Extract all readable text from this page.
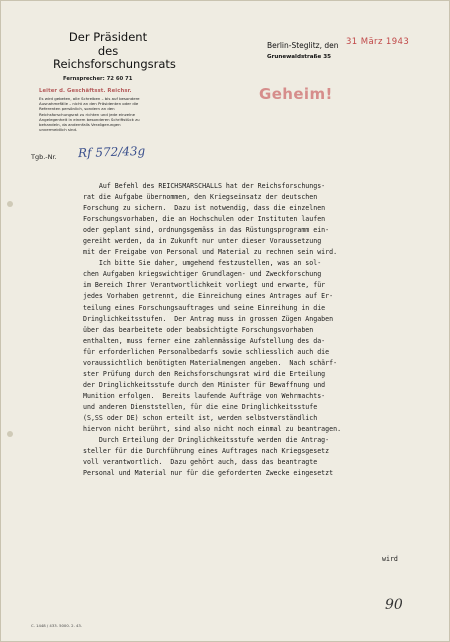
Der Präsident
des
Reichsforschungsrats
Fernsprecher: 72 60 71
Leiter d. Geschäftsst. Reichsr.
Es wird gebeten, alle Schreiben – bis auf besondere Ausnahmefälle – nicht an den Präsidenten oder die Referenten persönlich, sondern an den Reichsforschungsrat zu richten und jede einzelne Angelegenheit in einem besonderen Schriftstück zu behandeln, da andernfalls Verzögerungen unvermeidlich sind.
Tgb.-Nr. Rf 572/43g
Berlin-Steglitz, den
Grunewaldstraße 35
31 März 1943
Geheim!
Auf Befehl des REICHSMARSCHALLS hat der Reichsforschungs-
rat die Aufgabe übernommen, den Kriegseinsatz der deutschen
Forschung zu sichern.  Dazu ist notwendig, dass die einzelnen
Forschungsvorhaben, die an Hochschulen oder Instituten laufen
oder geplant sind, ordnungsgemäss in das Rüstungsprogramm ein-
gereiht werden, da in Zukunft nur unter dieser Voraussetzung
mit der Freigabe von Personal und Material zu rechnen sein wird.
Ich bitte Sie daher, umgehend festzustellen, was an sol-
chen Aufgaben kriegswichtiger Grundlagen- und Zweckforschung
im Bereich Ihrer Verantwortlichkeit vorliegt und erwarte, für
jedes Vorhaben getrennt, die Einreichung eines Antrages auf Er-
teilung eines Forschungsauftrages und seine Einreihung in die
Dringlichkeitsstufen.  Der Antrag muss in grossen Zügen Angaben
über das bearbeitete oder beabsichtigte Forschungsvorhaben
enthalten, muss ferner eine zahlenmässige Aufstellung des da-
für erforderlichen Personalbedarfs sowie schliesslich auch die
voraussichtlich benötigten Materialmengen angeben.  Nach schärf-
ster Prüfung durch den Reichsforschungsrat wird die Erteilung
der Dringlichkeitsstufe durch den Minister für Bewaffnung und
Munition erfolgen.  Bereits laufende Aufträge von Wehrmachts-
und anderen Dienststellen, für die eine Dringlichkeitsstufe
(S,SS oder DE) schon erteilt ist, werden selbstverständlich
hiervon nicht berührt, sind also nicht noch einmal zu beantragen.
Durch Erteilung der Dringlichkeitsstufe werden die Antrag-
steller für die Durchführung eines Auftrages nach Kriegsgesetz
voll verantwortlich.  Dazu gehört auch, dass das beantragte
Personal und Material nur für die geforderten Zwecke eingesetzt
wird
90
C. 1448 / 433. 5000. 2. 43.
